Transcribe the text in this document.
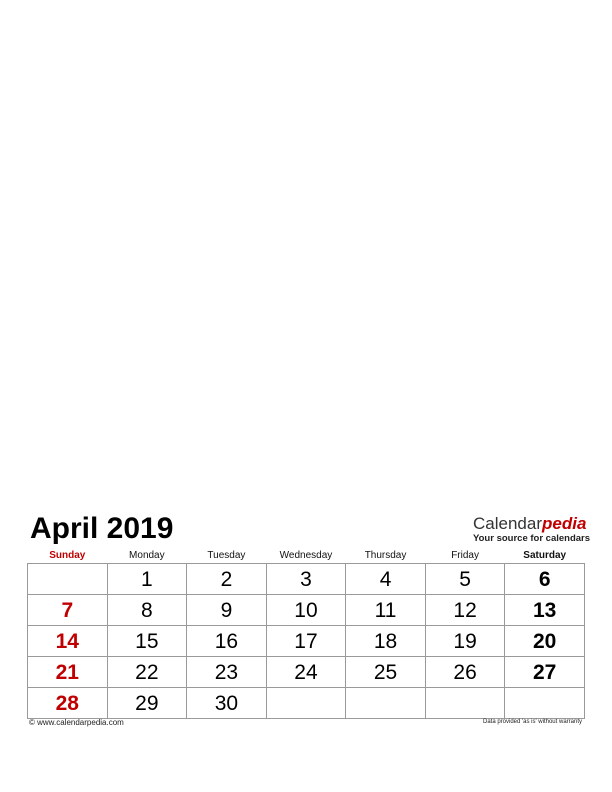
April 2019	Calendarpedia
Your source for calendars
Sunday	Monday	Tuesday	Wednesday	Thursday	Friday	Saturday
	1	2	3	4	5	6
7	8	9	10	11	12	13
14	15	16	17	18	19	20
21	22	23	24	25	26	27
28	29	30				
© www.calendarpedia.com	Data provided 'as is' without warranty
